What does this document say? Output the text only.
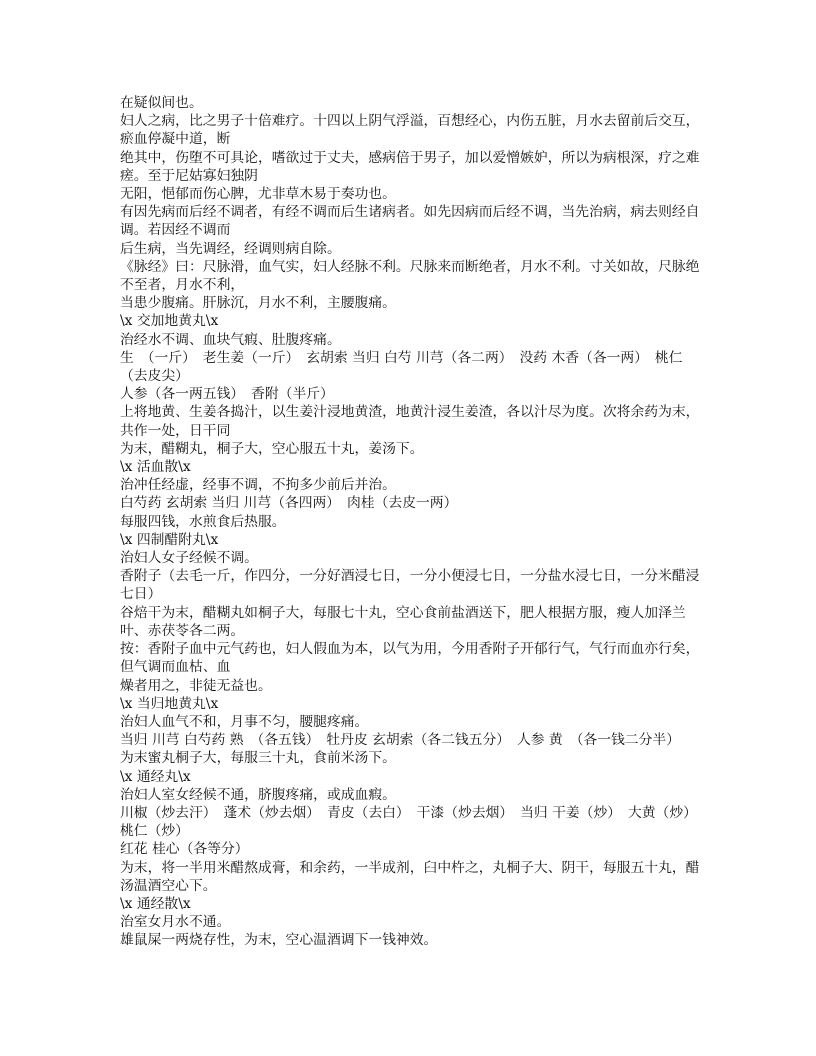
在疑似间也。

妇人之病，比之男子十倍难疗。十四以上阴气浮溢，百想经心，内伤五脏，月水去留前后交互，瘀血停凝中道，断

绝其中，伤堕不可具论，嗜欲过于丈夫，感病倍于男子，加以爱憎嫉妒，所以为病根深，疗之难瘥。至于尼姑寡妇独阴

无阳，悒郁而伤心脾，尤非草木易于奏功也。

有因先病而后经不调者，有经不调而后生诸病者。如先因病而后经不调，当先治病，病去则经自调。若因经不调而

后生病，当先调经，经调则病自除。

《脉经》曰：尺脉滑，血气实，妇人经脉不利。尺脉来而断绝者，月水不利。寸关如故，尺脉绝不至者，月水不利，

当患少腹痛。肝脉沉，月水不利，主腰腹痛。

\x 交加地黄丸\x

治经水不调、血块气瘕、肚腹疼痛。

生　（一斤）　老生姜（一斤）　玄胡索 当归 白芍 川芎（各二两）　没药 木香（各一两）　桃仁（去皮尖）

人参（各一两五钱）　香附（半斤）

上将地黄、生姜各捣汁，以生姜汁浸地黄渣，地黄汁浸生姜渣，各以汁尽为度。次将余药为末，共作一处，日干同

为末，醋糊丸，桐子大，空心服五十丸，姜汤下。

\x 活血散\x

治冲任经虚，经事不调，不拘多少前后并治。

白芍药 玄胡索 当归 川芎（各四两）　肉桂（去皮一两）

每服四钱，水煎食后热服。

\x 四制醋附丸\x

治妇人女子经候不调。

香附子（去毛一斤，作四分，一分好酒浸七日，一分小便浸七日，一分盐水浸七日，一分米醋浸七日）

谷焙干为末，醋糊丸如桐子大，每服七十丸，空心食前盐酒送下，肥人根据方服，瘦人加泽兰叶、赤茯苓各二两。

按：香附子血中元气药也，妇人假血为本，以气为用，今用香附子开郁行气，气行而血亦行矣，但气调而血枯、血

燥者用之，非徒无益也。

\x 当归地黄丸\x

治妇人血气不和，月事不匀，腰腿疼痛。

当归 川芎 白芍药 熟　（各五钱）　牡丹皮 玄胡索（各二钱五分）　人参 黄　（各一钱二分半）

为末蜜丸桐子大，每服三十丸，食前米汤下。

\x 通经丸\x

治妇人室女经候不通，脐腹疼痛，或成血瘕。

川椒（炒去汗）　蓬术（炒去烟）　青皮（去白）　干漆（炒去烟）　当归 干姜（炒）　大黄（炒）　桃仁（炒）

红花 桂心（各等分）

为末，将一半用米醋熬成膏，和余药，一半成剂，臼中杵之，丸桐子大、阴干，每服五十丸，醋汤温酒空心下。

\x 通经散\x

治室女月水不通。

雄鼠屎一两烧存性，为末，空心温酒调下一钱神效。
